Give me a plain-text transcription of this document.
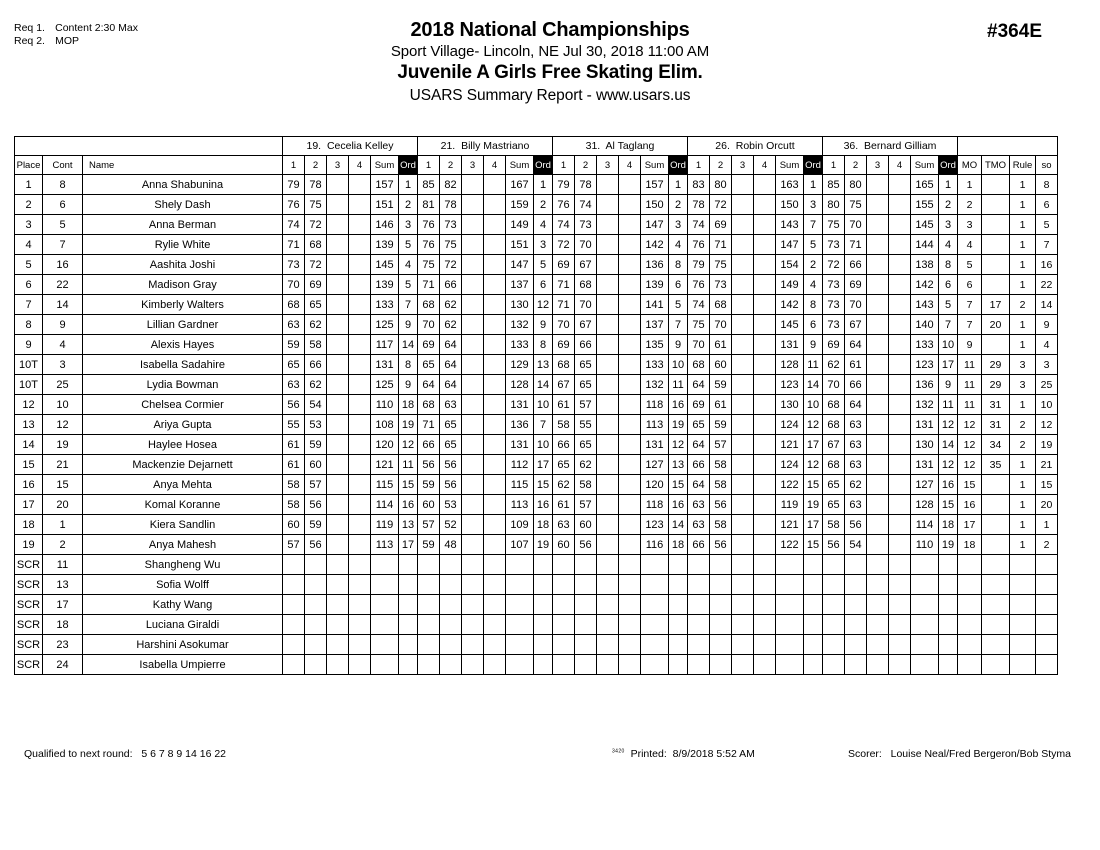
Req 1. Content 2:30 Max
Req 2. MOP	2018 National Championships
Sport Village- Lincoln, NE Jul 30, 2018 11:00 AM
Juvenile A Girls Free Skating Elim.
USARS Summary Report - www.usars.us
#364E
			19. Cecelia Kelley						21. Billy Mastriano						31. Al Taglang						26. Robin Orcutt						36. Bernard Gilliam									
Place	Cont	Name	1	2	3	4	Sum	Ord	1	2	3	4	Sum	Ord	1	2	3	4	Sum	Ord	1	2	3	4	Sum	Ord	1	2	3	4	Sum	Ord	MO	TMO	Rule	so
1	8	Anna Shabunina	79	78			157	1	85	82			167	1	79	78			157	1	83	80			163	1	85	80			165	1	1		1	8
2	6	Shely Dash	76	75			151	2	81	78			159	2	76	74			150	2	78	72			150	3	80	75			155	2	2		1	6
3	5	Anna Berman	74	72			146	3	76	73			149	4	74	73			147	3	74	69			143	7	75	70			145	3	3		1	5
4	7	Rylie White	71	68			139	5	76	75			151	3	72	70			142	4	76	71			147	5	73	71			144	4	4		1	7
5	16	Aashita Joshi	73	72			145	4	75	72			147	5	69	67			136	8	79	75			154	2	72	66			138	8	5		1	16
6	22	Madison Gray	70	69			139	5	71	66			137	6	71	68			139	6	76	73			149	4	73	69			142	6	6		1	22
7	14	Kimberly Walters	68	65			133	7	68	62			130	12	71	70			141	5	74	68			142	8	73	70			143	5	7	17	2	14
8	9	Lillian Gardner	63	62			125	9	70	62			132	9	70	67			137	7	75	70			145	6	73	67			140	7	7	20	1	9
9	4	Alexis Hayes	59	58			117	14	69	64			133	8	69	66			135	9	70	61			131	9	69	64			133	10	9		1	4
10T	3	Isabella Sadahire	65	66			131	8	65	64			129	13	68	65			133	10	68	60			128	11	62	61			123	17	11	29	3	3
10T	25	Lydia Bowman	63	62			125	9	64	64			128	14	67	65			132	11	64	59			123	14	70	66			136	9	11	29	3	25
12	10	Chelsea Cormier	56	54			110	18	68	63			131	10	61	57			118	16	69	61			130	10	68	64			132	11	11	31	1	10
13	12	Ariya Gupta	55	53			108	19	71	65			136	7	58	55			113	19	65	59			124	12	68	63			131	12	12	31	2	12
14	19	Haylee Hosea	61	59			120	12	66	65			131	10	66	65			131	12	64	57			121	17	67	63			130	14	12	34	2	19
15	21	Mackenzie Dejarnett	61	60			121	11	56	56			112	17	65	62			127	13	66	58			124	12	68	63			131	12	12	35	1	21
16	15	Anya Mehta	58	57			115	15	59	56			115	15	62	58			120	15	64	58			122	15	65	62			127	16	15		1	15
17	20	Komal Koranne	58	56			114	16	60	53			113	16	61	57			118	16	63	56			119	19	65	63			128	15	16		1	20
18	1	Kiera Sandlin	60	59			119	13	57	52			109	18	63	60			123	14	63	58			121	17	58	56			114	18	17		1	1
19	2	Anya Mahesh	57	56			113	17	59	48			107	19	60	56			116	18	66	56			122	15	56	54			110	19	18		1	2
SCR	11	Shangheng Wu																																		
SCR	13	Sofia Wolff																																		
SCR	17	Kathy Wang																																		
SCR	18	Luciana Giraldi																																		
SCR	23	Harshini Asokumar																																		
SCR	24	Isabella Umpierre																																		
Qualified to next round: 5 6 7 8 9 14 16 22	$^{3420}$ Printed: 8/9/2018 5:52 AM	Scorer: Louise Neal/Fred Bergeron/Bob Styma
